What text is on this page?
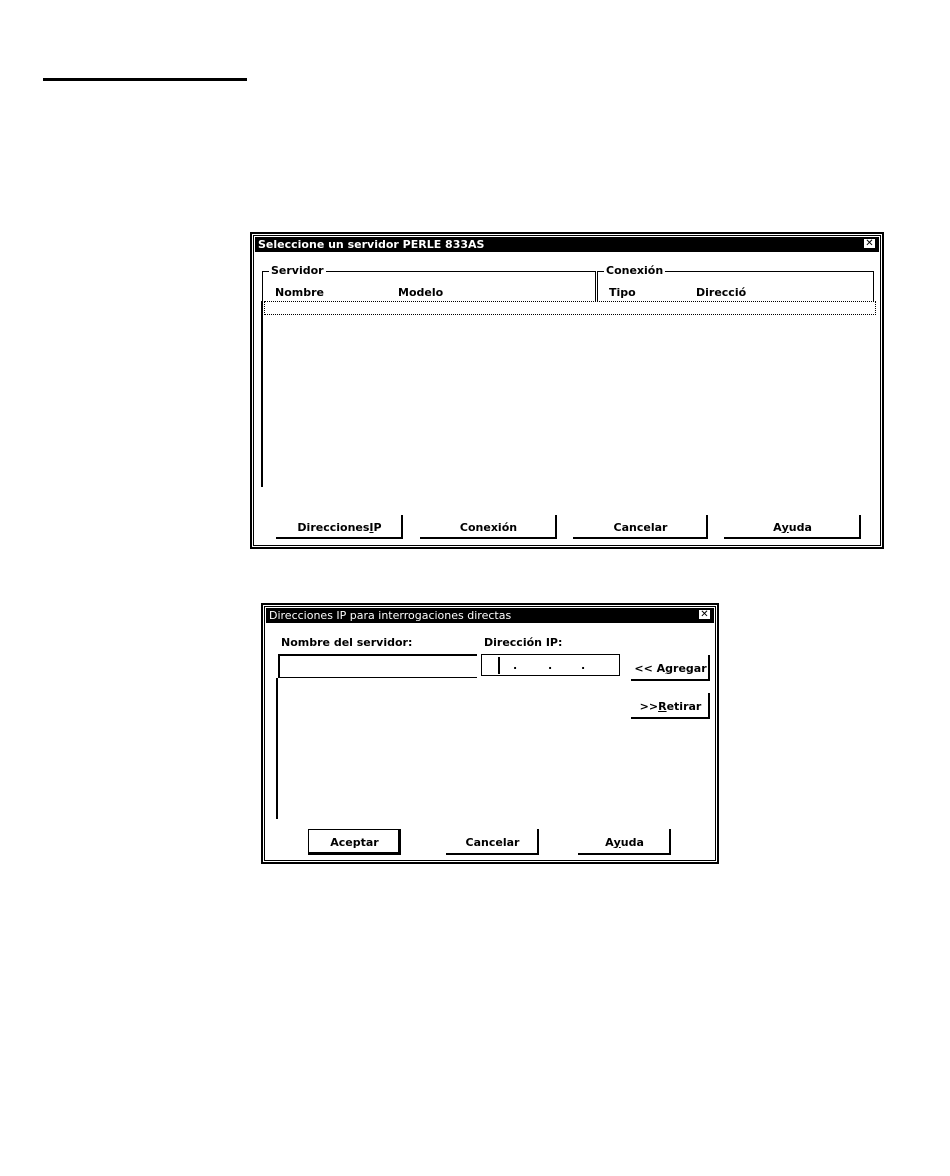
Seleccione un servidor PERLE 833AS	✕
Servidor
Nombre	Modelo
Conexión
Tipo	Direcció
DireccionesIP	Conexión	Cancelar	Ayuda
Direcciones IP para interrogaciones directas	✕
Nombre del servidor:	Dirección IP:
.	.	.	<< Agregar
>>Retirar
Aceptar	Cancelar	Ayuda
